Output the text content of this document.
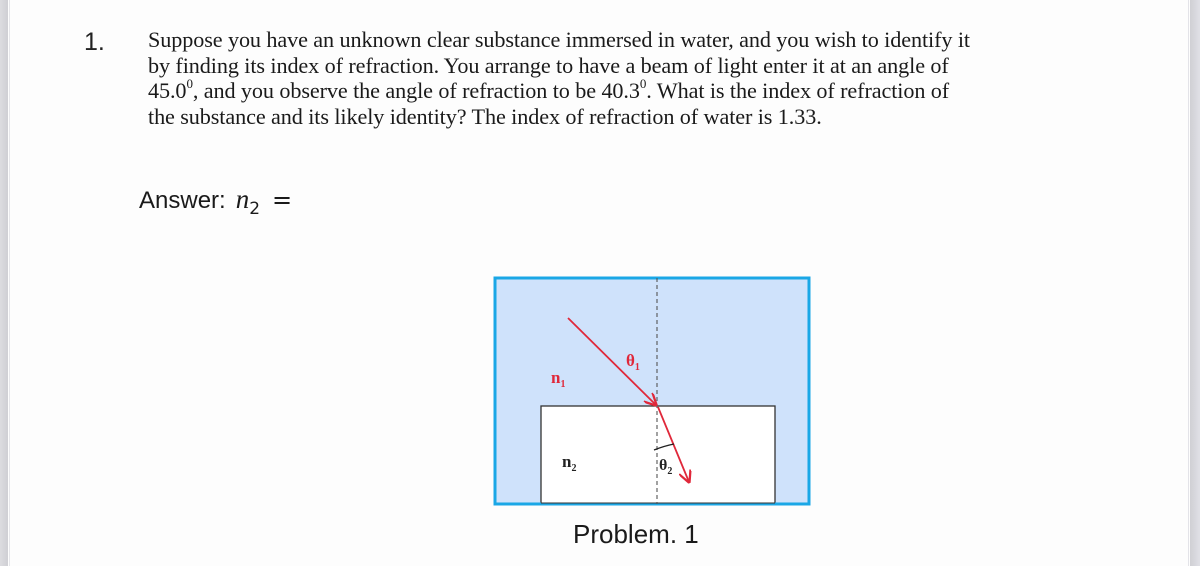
1. Suppose you have an unknown clear substance immersed in water, and you wish to identify it
by finding its index of refraction. You arrange to have a beam of light enter it at an angle of
45.0$^0$, and you observe the angle of refraction to be 40.3$^0$. What is the index of refraction of
the substance and its likely identity? The index of refraction of water is 1.33.
Answer: $n_2$ =
$\theta_1$
$n_1$
$n_2$	$\theta_2$
Problem. 1
